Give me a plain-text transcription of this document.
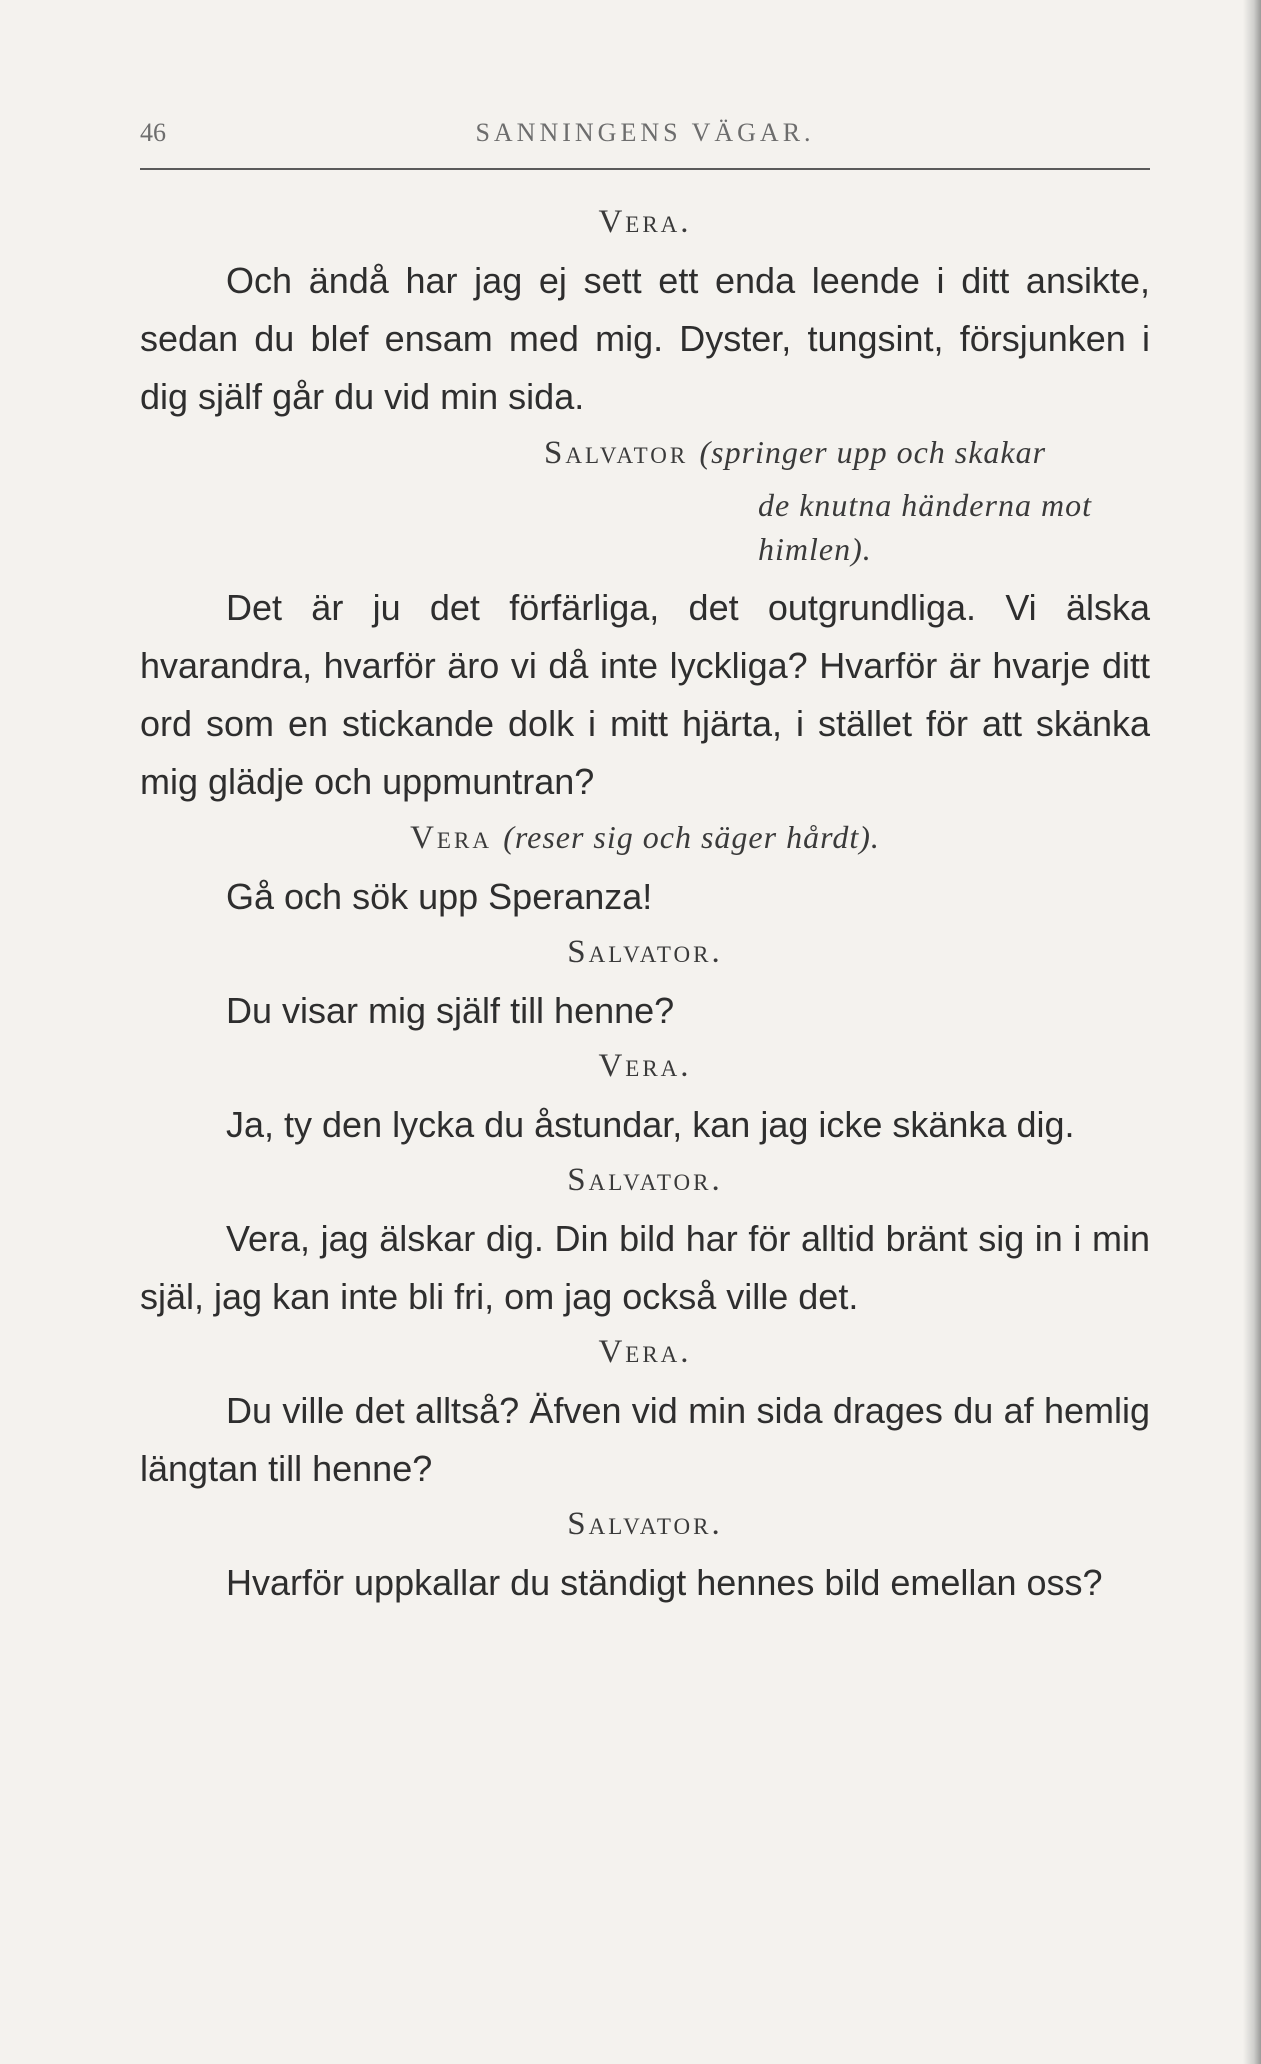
46	SANNINGENS VÄGAR.
Vera.

Och ändå har jag ej sett ett enda leende i ditt ansikte, sedan du blef ensam med mig. Dyster, tungsint, försjunken i dig själf går du vid min sida.

Salvator (springer upp och skakar
de knutna händerna mot
himlen).

Det är ju det förfärliga, det outgrundliga. Vi älska hvarandra, hvarför äro vi då inte lyckliga? Hvarför är hvarje ditt ord som en stickande dolk i mitt hjärta, i stället för att skänka mig glädje och uppmuntran?

Vera (reser sig och säger hårdt).

Gå och sök upp Speranza!

Salvator.

Du visar mig själf till henne?

Vera.

Ja, ty den lycka du åstundar, kan jag icke skänka dig.

Salvator.

Vera, jag älskar dig. Din bild har för alltid bränt sig in i min själ, jag kan inte bli fri, om jag också ville det.

Vera.

Du ville det alltså? Äfven vid min sida drages du af hemlig längtan till henne?

Salvator.

Hvarför uppkallar du ständigt hennes bild emellan oss?
